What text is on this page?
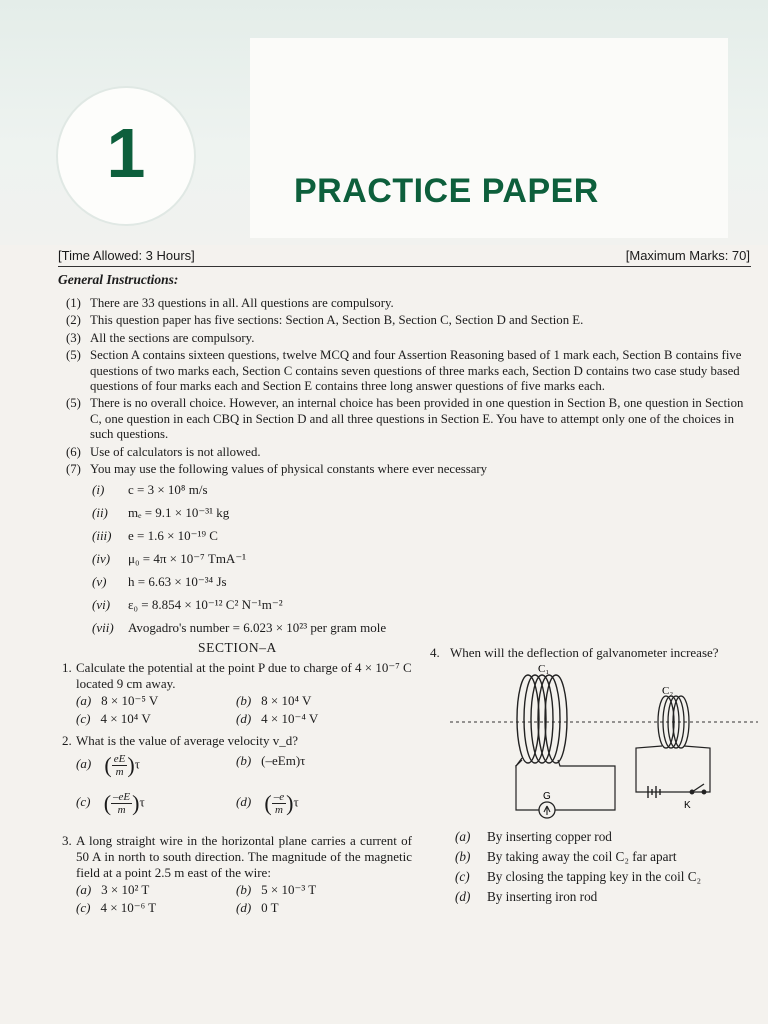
1	PRACTICE PAPER
[Time Allowed: 3 Hours]	[Maximum Marks: 70]
General Instructions:
(1) There are 33 questions in all. All questions are compulsory.
(2) This question paper has five sections: Section A, Section B, Section C, Section D and Section E.
(3) All the sections are compulsory.
(5) Section A contains sixteen questions, twelve MCQ and four Assertion Reasoning based of 1 mark each, Section B contains five questions of two marks each, Section C contains seven questions of three marks each, Section D contains two case study based questions of four marks each and Section E contains three long answer questions of five marks each.
(5) There is no overall choice. However, an internal choice has been provided in one question in Section B, one question in Section C, one question in each CBQ in Section D and all three questions in Section E. You have to attempt only one of the choices in such questions.
(6) Use of calculators is not allowed.
(7) You may use the following values of physical constants where ever necessary
(i)	c = 3 × 10⁸ m/s
(ii)	mₑ = 9.1 × 10⁻³¹ kg
(iii)	e = 1.6 × 10⁻¹⁹ C
(iv)	μ₀ = 4π × 10⁻⁷ TmA⁻¹
(v)	h = 6.63 × 10⁻³⁴ Js
(vi)	ε₀ = 8.854 × 10⁻¹² C² N⁻¹m⁻²
(vii)	Avogadro's number = 6.023 × 10²³ per gram mole
SECTION–A
1. Calculate the potential at the point P due to charge of 4 × 10⁻⁷ C located 9 cm away.
(a) 8 × 10⁻⁵ V	(b) 8 × 10⁴ V
(c) 4 × 10⁴ V	(d) 4 × 10⁻⁴ V
2. What is the value of average velocity v_d?
(a) ( $\frac{eE}{m} )\tau$	(b) (–eEm)τ
(c) ( $\frac{-eE}{m} )\tau$	(d) ( $\frac{-e}{m} )\tau$
3. A long straight wire in the horizontal plane carries a current of 50 A in north to south direction. The magnitude of the magnetic field at a point 2.5 m east of the wire:
(a) 3 × 10² T	(b) 5 × 10⁻³ T
(c) 4 × 10⁻⁶ T	(d) 0 T
4. When will the deflection of galvanometer increase?
C₁
G
C₂
K
(a)	By inserting copper rod
(b)	By taking away the coil C₂ far apart
(c)	By closing the tapping key in the coil C₂
(d)	By inserting iron rod
